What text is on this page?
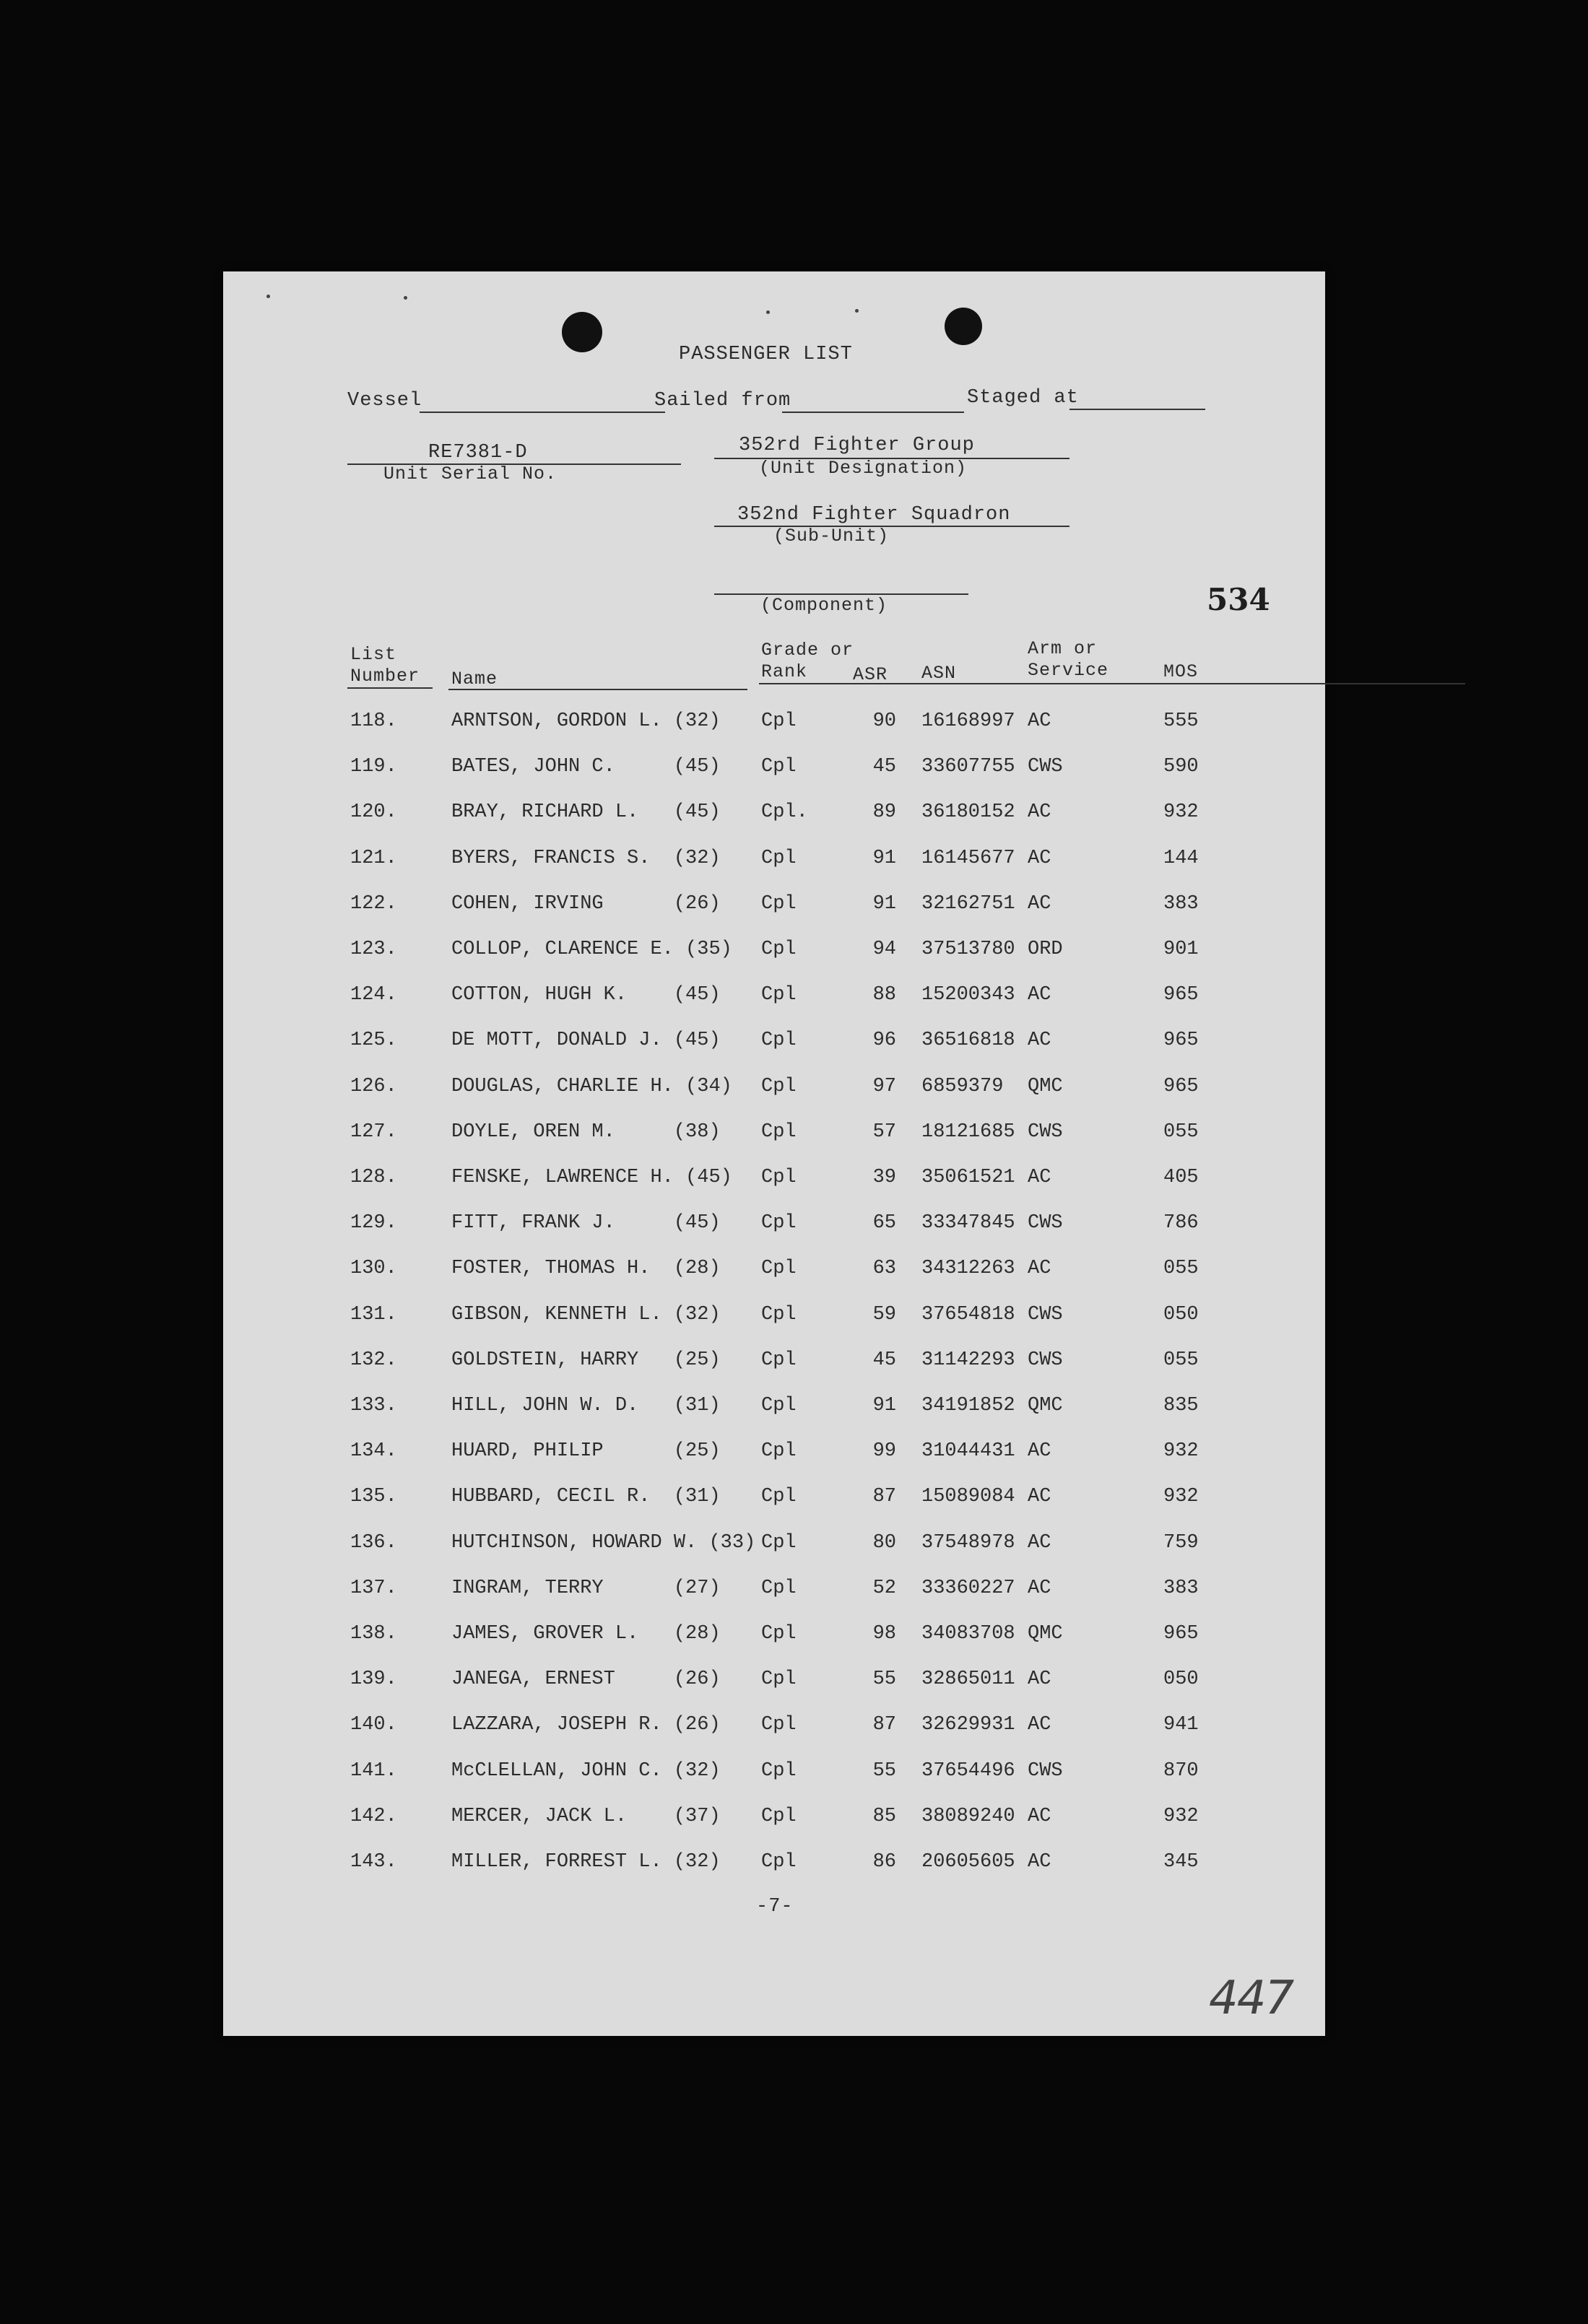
PASSENGER LIST
Vessel	Sailed from	Staged at
RE7381-D
Unit Serial No.
352rd Fighter Group
(Unit Designation)
352nd Fighter Squadron
(Sub-Unit)
(Component)	534
List
Number Name
Grade or
Rank	ASR ASN
Arm or
Service	MOS
118.	ARNTSON, GORDON L. (32) Cpl	90 16168997 AC	555
119.	BATES, JOHN C.     (45) Cpl	45 33607755 CWS	590
120.	BRAY, RICHARD L.   (45) Cpl.	89 36180152 AC	932
121.	BYERS, FRANCIS S.  (32) Cpl	91 16145677 AC	144
122.	COHEN, IRVING      (26) Cpl	91 32162751 AC	383
123.	COLLOP, CLARENCE E. (35) Cpl	94 37513780 ORD	901
124.	COTTON, HUGH K.    (45) Cpl	88 15200343 AC	965
125.	DE MOTT, DONALD J. (45) Cpl	96 36516818 AC	965
126.	DOUGLAS, CHARLIE H. (34) Cpl	97 6859379 QMC	965
127.	DOYLE, OREN M.     (38) Cpl	57 18121685 CWS	055
128.	FENSKE, LAWRENCE H. (45) Cpl	39 35061521 AC	405
129.	FITT, FRANK J.     (45) Cpl	65 33347845 CWS	786
130.	FOSTER, THOMAS H.  (28) Cpl	63 34312263 AC	055
131.	GIBSON, KENNETH L. (32) Cpl	59 37654818 CWS	050
132.	GOLDSTEIN, HARRY   (25) Cpl	45 31142293 CWS	055
133.	HILL, JOHN W. D.   (31) Cpl	91 34191852 QMC	835
134.	HUARD, PHILIP      (25) Cpl	99 31044431 AC	932
135.	HUBBARD, CECIL R.  (31) Cpl	87 15089084 AC	932
136.	HUTCHINSON, HOWARD W. (33) Cpl	80 37548978 AC	759
137.	INGRAM, TERRY      (27) Cpl	52 33360227 AC	383
138.	JAMES, GROVER L.   (28) Cpl	98 34083708 QMC	965
139.	JANEGA, ERNEST     (26) Cpl	55 32865011 AC	050
140.	LAZZARA, JOSEPH R. (26) Cpl	87 32629931 AC	941
141.	McCLELLAN, JOHN C. (32) Cpl	55 37654496 CWS	870
142.	MERCER, JACK L.    (37) Cpl	85 38089240 AC	932
143.	MILLER, FORREST L. (32) Cpl	86 20605605 AC	345
-7-
447
